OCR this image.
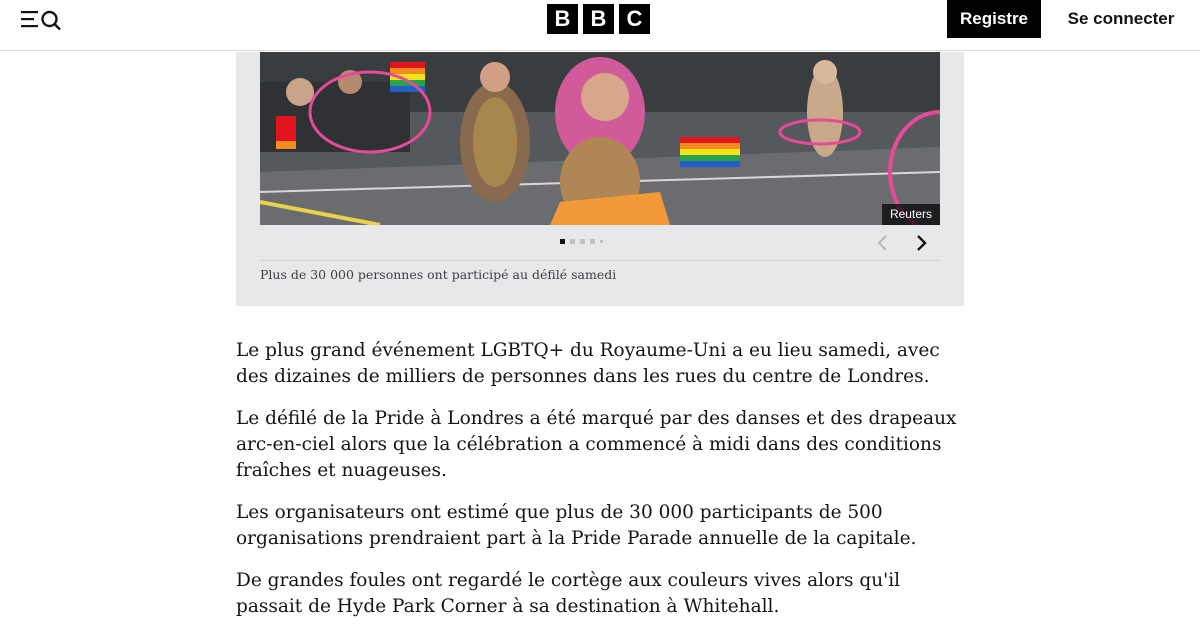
B B C	Registre	Se connecter
Reuters
Plus de 30 000 personnes ont participé au défilé samedi

Le plus grand événement LGBTQ+ du Royaume-Uni a eu lieu samedi, avec des dizaines de milliers de personnes dans les rues du centre de Londres.

Le défilé de la Pride à Londres a été marqué par des danses et des drapeaux arc-en-ciel alors que la célébration a commencé à midi dans des conditions fraîches et nuageuses.

Les organisateurs ont estimé que plus de 30 000 participants de 500 organisations prendraient part à la Pride Parade annuelle de la capitale.

De grandes foules ont regardé le cortège aux couleurs vives alors qu'il passait de Hyde Park Corner à sa destination à Whitehall.
